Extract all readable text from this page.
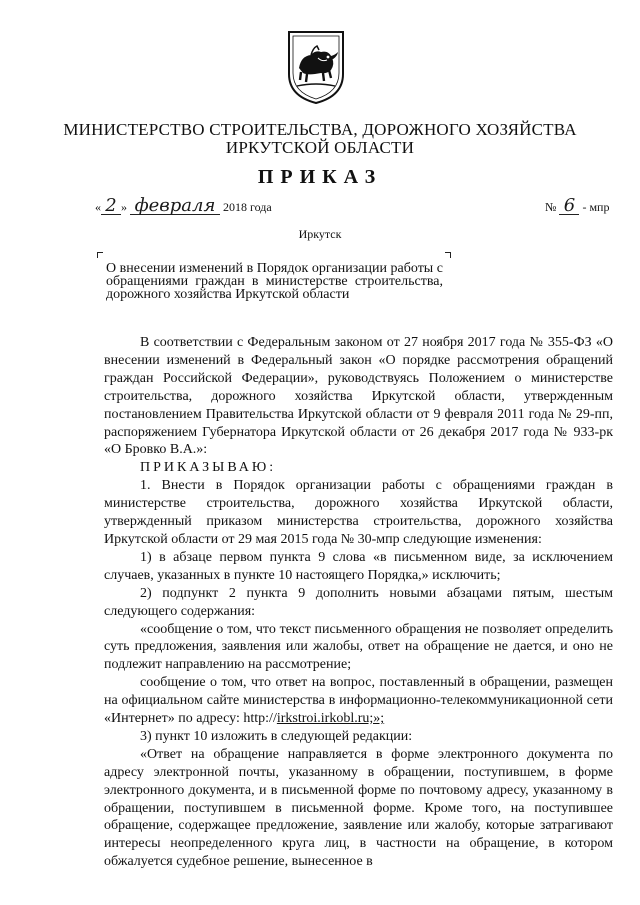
МИНИСТЕРСТВО СТРОИТЕЛЬСТВА, ДОРОЖНОГО ХОЗЯЙСТВА
ИРКУТСКОЙ ОБЛАСТИ
ПРИКАЗ
« 2 » февраля 2018 года	№ 6 - мпр
Иркутск
О внесении изменений в Порядок организации работы с обращениями граждан в министерстве строительства, дорожного хозяйства Иркутской области

В соответствии с Федеральным законом от 27 ноября 2017 года № 355-ФЗ «О внесении изменений в Федеральный закон «О порядке рассмотрения обращений граждан Российской Федерации», руководствуясь Положением о министерстве строительства, дорожного хозяйства Иркутской области, утвержденным постановлением Правительства Иркутской области от 9 февраля 2011 года № 29-пп, распоряжением Губернатора Иркутской области от 26 декабря 2017 года № 933-рк «О Бровко В.А.»:

ПРИКАЗЫВАЮ:

1. Внести в Порядок организации работы с обращениями граждан в министерстве строительства, дорожного хозяйства Иркутской области, утвержденный приказом министерства строительства, дорожного хозяйства Иркутской области от 29 мая 2015 года № 30-мпр следующие изменения:

1) в абзаце первом пункта 9 слова «в письменном виде, за исключением случаев, указанных в пункте 10 настоящего Порядка,» исключить;

2) подпункт 2 пункта 9 дополнить новыми абзацами пятым, шестым следующего содержания:

«сообщение о том, что текст письменного обращения не позволяет определить суть предложения, заявления или жалобы, ответ на обращение не дается, и оно не подлежит направлению на рассмотрение;

сообщение о том, что ответ на вопрос, поставленный в обращении, размещен на официальном сайте министерства в информационно-телекоммуникационной сети «Интернет» по адресу: http://irkstroi.irkobl.ru;»;

3) пункт 10 изложить в следующей редакции:

«Ответ на обращение направляется в форме электронного документа по адресу электронной почты, указанному в обращении, поступившем, в форме электронного документа, и в письменной форме по почтовому адресу, указанному в обращении, поступившем в письменной форме. Кроме того, на поступившее обращение, содержащее предложение, заявление или жалобу, которые затрагивают интересы неопределенного круга лиц, в частности на обращение, в котором обжалуется судебное решение, вынесенное в
